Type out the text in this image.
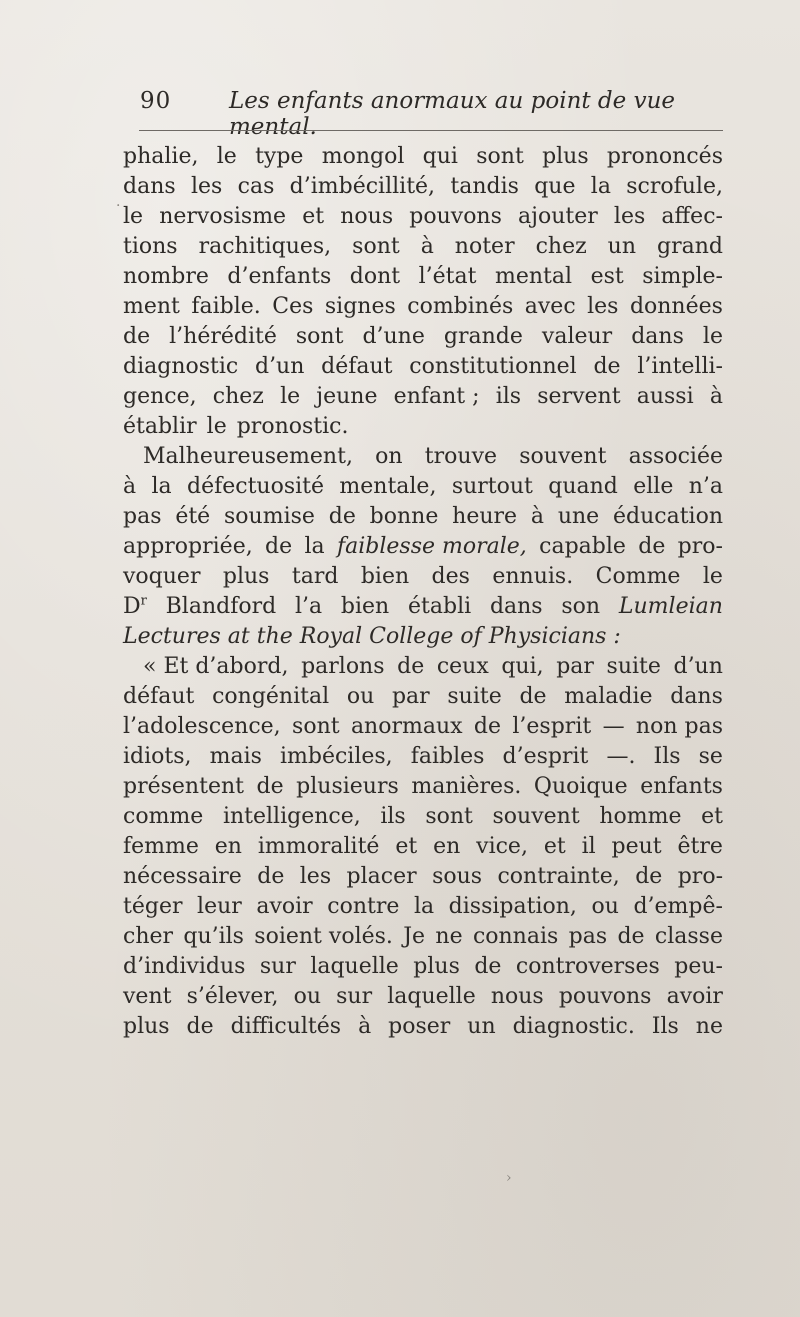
90	Les enfants anormaux au point de vue mental.
phalie, le type mongol qui sont plus prononcés
dans les cas d’imbécillité, tandis que la scrofule,
le nervosisme et nous pouvons ajouter les affec-
tions rachitiques, sont à noter chez un grand
nombre d’enfants dont l’état mental est simple-
ment faible. Ces signes combinés avec les données
de l’hérédité sont d’une grande valeur dans le
diagnostic d’un défaut constitutionnel de l’intelli-
gence, chez le jeune enfant ; ils servent aussi à
établir le pronostic.
Malheureusement, on trouve souvent associée
à la défectuosité mentale, surtout quand elle n’a
pas été soumise de bonne heure à une éducation
appropriée, de la faiblesse morale, capable de pro-
voquer plus tard bien des ennuis. Comme le
$D^r$ Blandford l’a bien établi dans son Lumleian
Lectures at the Royal College of Physicians :
« Et d’abord, parlons de ceux qui, par suite d’un
défaut congénital ou par suite de maladie dans
l’adolescence, sont anormaux de l’esprit — non pas
idiots, mais imbéciles, faibles d’esprit —. Ils se
présentent de plusieurs manières. Quoique enfants
comme intelligence, ils sont souvent homme et
femme en immoralité et en vice, et il peut être
nécessaire de les placer sous contrainte, de pro-
téger leur avoir contre la dissipation, ou d’empê-
cher qu’ils soient volés. Je ne connais pas de classe
d’individus sur laquelle plus de controverses peu-
vent s’élever, ou sur laquelle nous pouvons avoir
plus de difficultés à poser un diagnostic. Ils ne
·
›
